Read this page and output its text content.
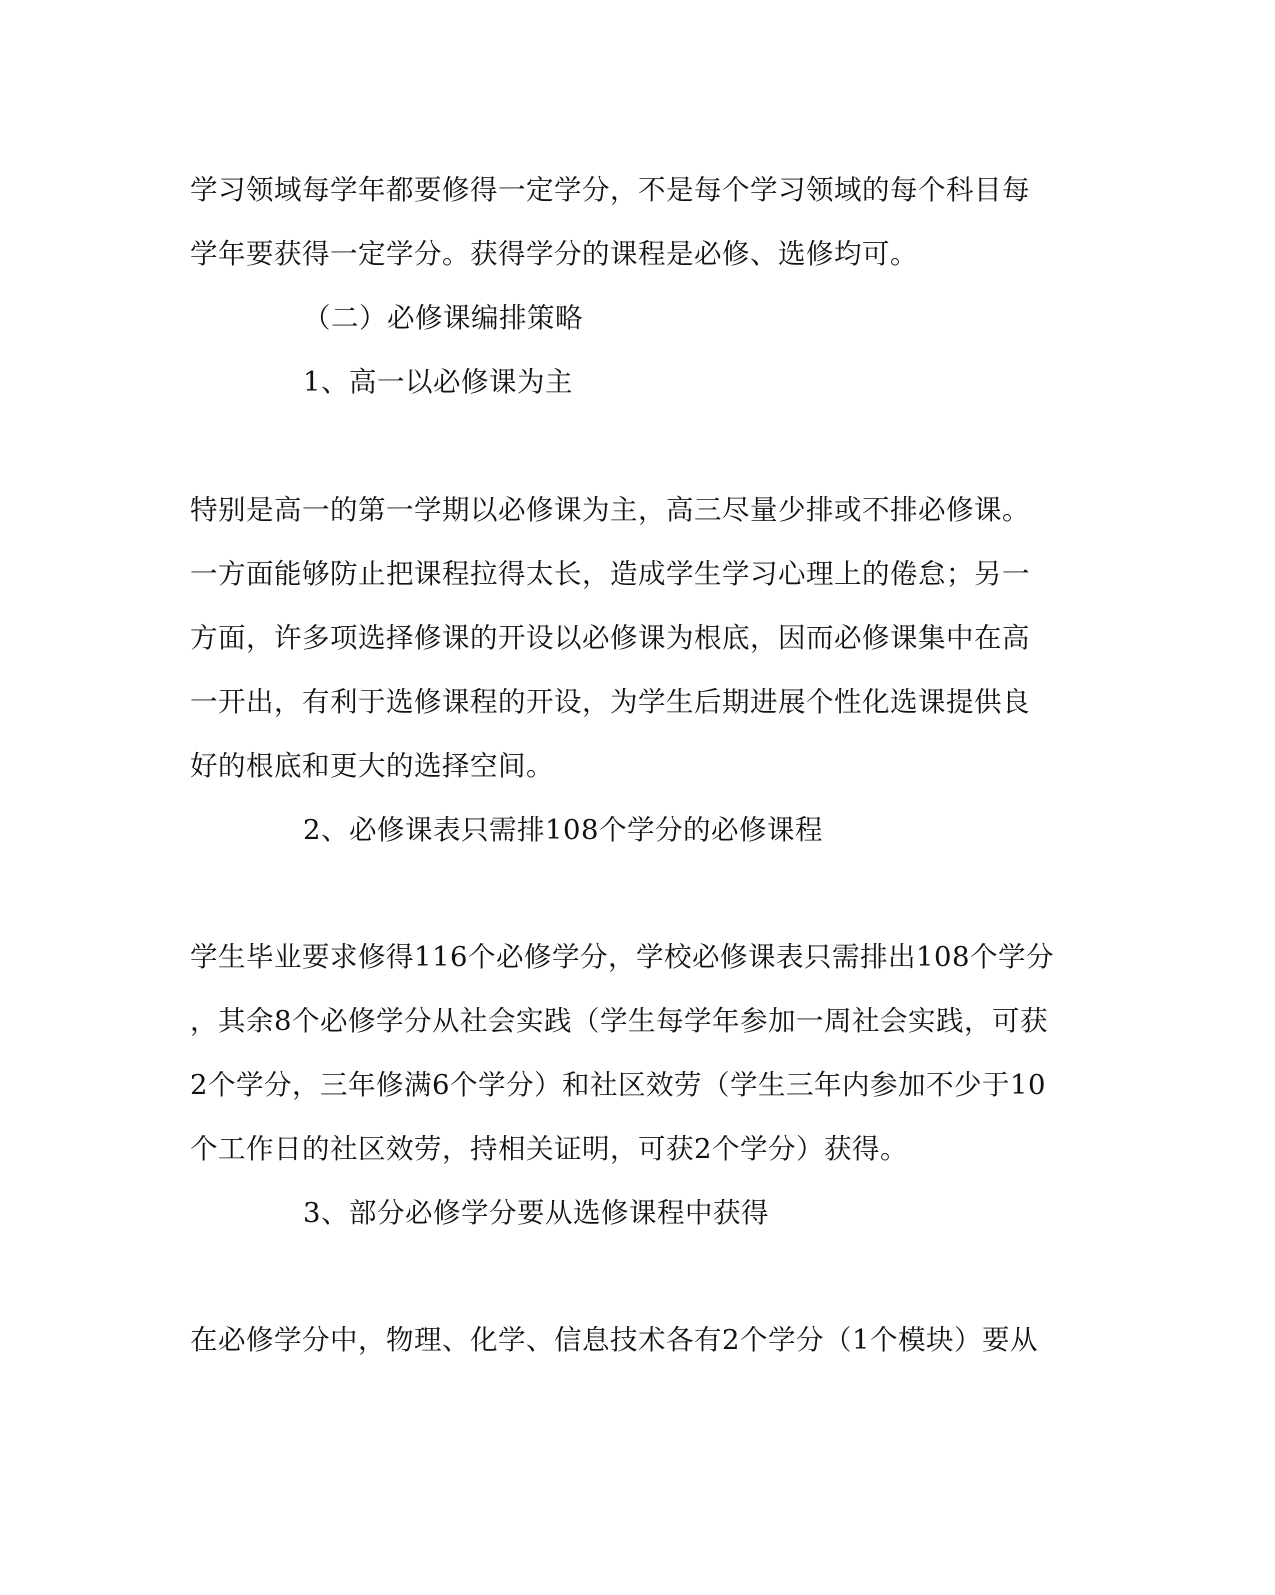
学习领域每学年都要修得一定学分，不是每个学习领域的每个科目每
学年要获得一定学分。获得学分的课程是必修、选修均可。
（二）必修课编排策略
1、高一以必修课为主
特别是高一的第一学期以必修课为主，高三尽量少排或不排必修课。
一方面能够防止把课程拉得太长，造成学生学习心理上的倦怠；另一
方面，许多项选择修课的开设以必修课为根底，因而必修课集中在高
一开出，有利于选修课程的开设，为学生后期进展个性化选课提供良
好的根底和更大的选择空间。
2、必修课表只需排108个学分的必修课程
学生毕业要求修得116个必修学分，学校必修课表只需排出108个学分
，其余8个必修学分从社会实践（学生每学年参加一周社会实践，可获
2个学分，三年修满6个学分）和社区效劳（学生三年内参加不少于10
个工作日的社区效劳，持相关证明，可获2个学分）获得。
3、部分必修学分要从选修课程中获得
在必修学分中，物理、化学、信息技术各有2个学分（1个模块）要从
